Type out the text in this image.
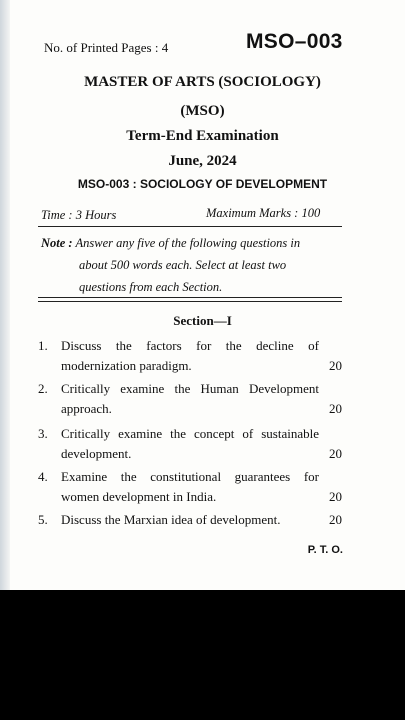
No. of Printed Pages : 4	MSO–003
MASTER OF ARTS (SOCIOLOGY)
(MSO)
Term-End Examination
June, 2024
MSO-003 : SOCIOLOGY OF DEVELOPMENT
Time : 3 Hours	Maximum Marks : 100
Note : Answer any five of the following questions in
about 500 words each. Select at least two
questions from each Section.
Section—I
1.	Discuss the factors for the decline of
modernization paradigm.	20
2.	Critically examine the Human Development
approach.	20
3.	Critically examine the concept of sustainable
development.	20
4.	Examine the constitutional guarantees for
women development in India.	20
5.	Discuss the Marxian idea of development.	20
P. T. O.
